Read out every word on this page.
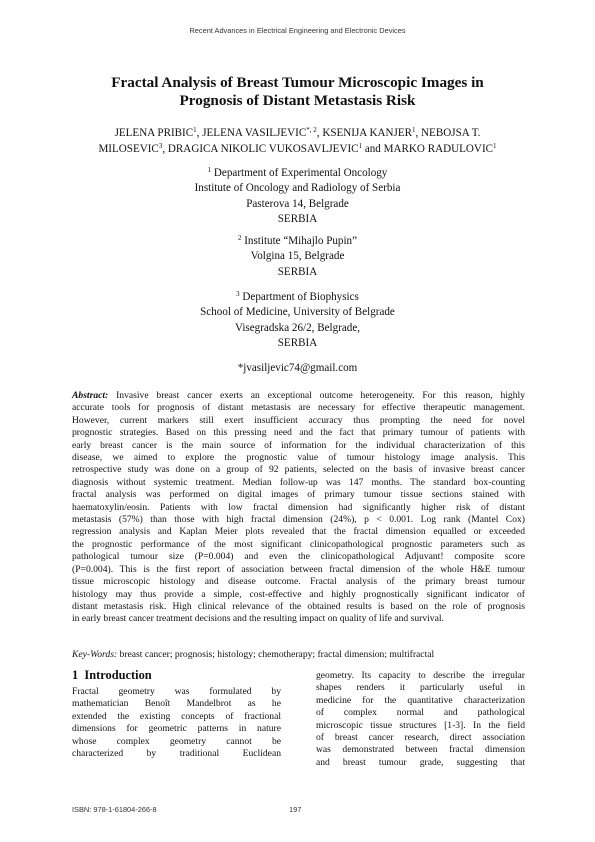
Recent Advances in Electrical Engineering and Electronic Devices
Fractal Analysis of Breast Tumour Microscopic Images in
Prognosis of Distant Metastasis Risk
JELENA PRIBIC$^1$, JELENA $VASILJEVIC^{*, 2}$, KSENIJA KANJER$^1$, NEBOJSA T.
MILOSEVIC$^3$, DRAGICA NIKOLIC VUKOSAVLJEVIC$^1$ and MARKO RADULOVIC$^1$
$^1$ Department of Experimental Oncology
Institute of Oncology and Radiology of Serbia
Pasterova 14, Belgrade
SERBIA
$^2$ Institute “Mihajlo Pupin”
Volgina 15, Belgrade
SERBIA
$^3$ Department of Biophysics
School of Medicine, University of Belgrade
Visegradska 26/2, Belgrade,
SERBIA
*jvasiljevic74@gmail.com
Abstract: Invasive breast cancer exerts an exceptional outcome heterogeneity. For this reason, highly
accurate tools for prognosis of distant metastasis are necessary for effective therapeutic management.
However, current markers still exert insufficient accuracy thus prompting the need for novel
prognostic strategies. Based on this pressing need and the fact that primary tumour of patients with
early breast cancer is the main source of information for the individual characterization of this
disease, we aimed to explore the prognostic value of tumour histology image analysis. This
retrospective study was done on a group of 92 patients, selected on the basis of invasive breast cancer
diagnosis without systemic treatment. Median follow-up was 147 months. The standard box-counting
fractal analysis was performed on digital images of primary tumour tissue sections stained with
haematoxylin/eosin. Patients with low fractal dimension had significantly higher risk of distant
metastasis (57%) than those with high fractal dimension (24%), p < 0.001. Log rank (Mantel Cox)
regression analysis and Kaplan Meier plots revealed that the fractal dimension equalled or exceeded
the prognostic performance of the most significant clinicopathological prognostic parameters such as
pathological tumour size (P=0.004) and even the clinicopathological Adjuvant! composite score
(P=0.004). This is the first report of association between fractal dimension of the whole H&E tumour
tissue microscopic histology and disease outcome. Fractal analysis of the primary breast tumour
histology may thus provide a simple, cost-effective and highly prognostically significant indicator of
distant metastasis risk. High clinical relevance of the obtained results is based on the role of prognosis
in early breast cancer treatment decisions and the resulting impact on quality of life and survival.
Key-Words: breast cancer; prognosis; histology; chemotherapy; fractal dimension; multifractal
1 Introduction
Fractal geometry was formulated by
mathematician Benoît Mandelbrot as he
extended the existing concepts of fractional
dimensions for geometric patterns in nature
whose complex geometry cannot be
characterized by traditional Euclidean
geometry. Its capacity to describe the irregular
shapes renders it particularly useful in
medicine for the quantitative characterization
of complex normal and pathological
microscopic tissue structures [1-3]. In the field
of breast cancer research, direct association
was demonstrated between fractal dimension
and breast tumour grade, suggesting that
ISBN: 978-1-61804-266-8	197
